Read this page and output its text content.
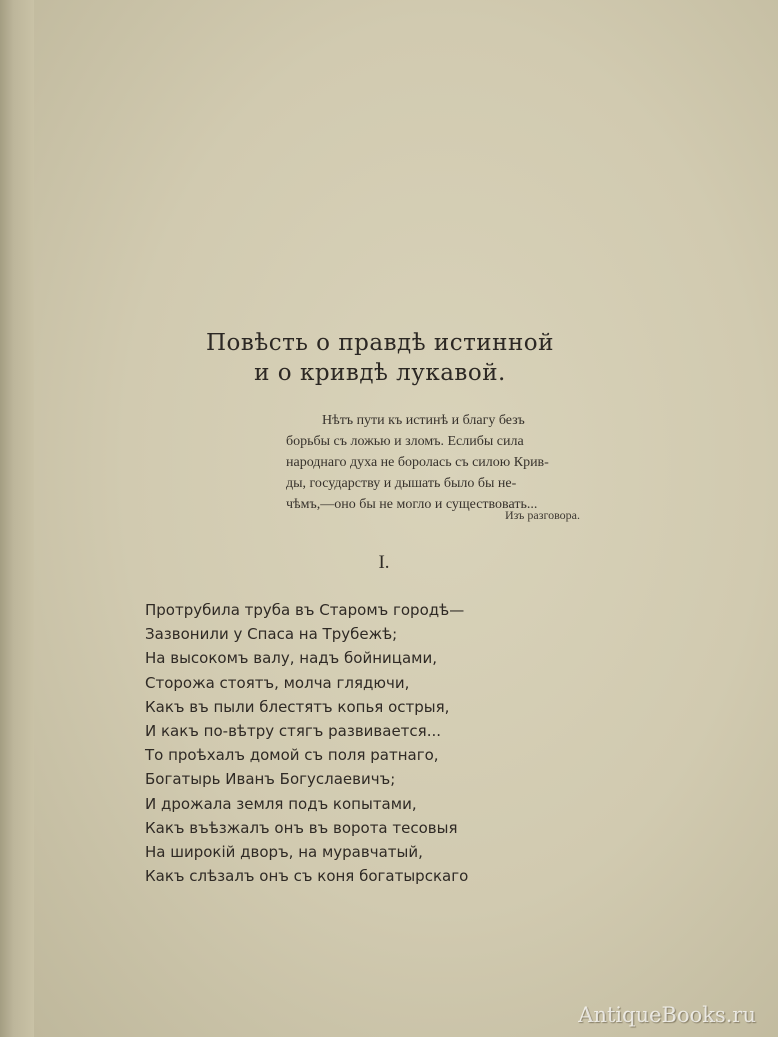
Повѣсть о правдѣ истинной
и о кривдѣ лукавой.
Нѣтъ пути къ истинѣ и благу безъ
борьбы съ ложью и зломъ. Еслибы сила
народнаго духа не боролась съ силою Крив-
ды, государству и дышать было бы не-
чѣмъ,—оно бы не могло и существовать...
Изъ разговора.
I.
Протрубила труба въ Старомъ городѣ—
Зазвонили у Спаса на Трубежѣ;
На высокомъ валу, надъ бойницами,
Сторожа стоятъ, молча глядючи,
Какъ въ пыли блестятъ копья острыя,
И какъ по-вѣтру стягъ развивается...
То проѣхалъ домой съ поля ратнаго,
Богатырь Иванъ Богуслаевичъ;
И дрожала земля подъ копытами,
Какъ въѣзжалъ онъ въ ворота тесовыя
На широкій дворъ, на муравчатый,
Какъ слѣзалъ онъ съ коня богатырскаго
AntiqueBooks.ru
